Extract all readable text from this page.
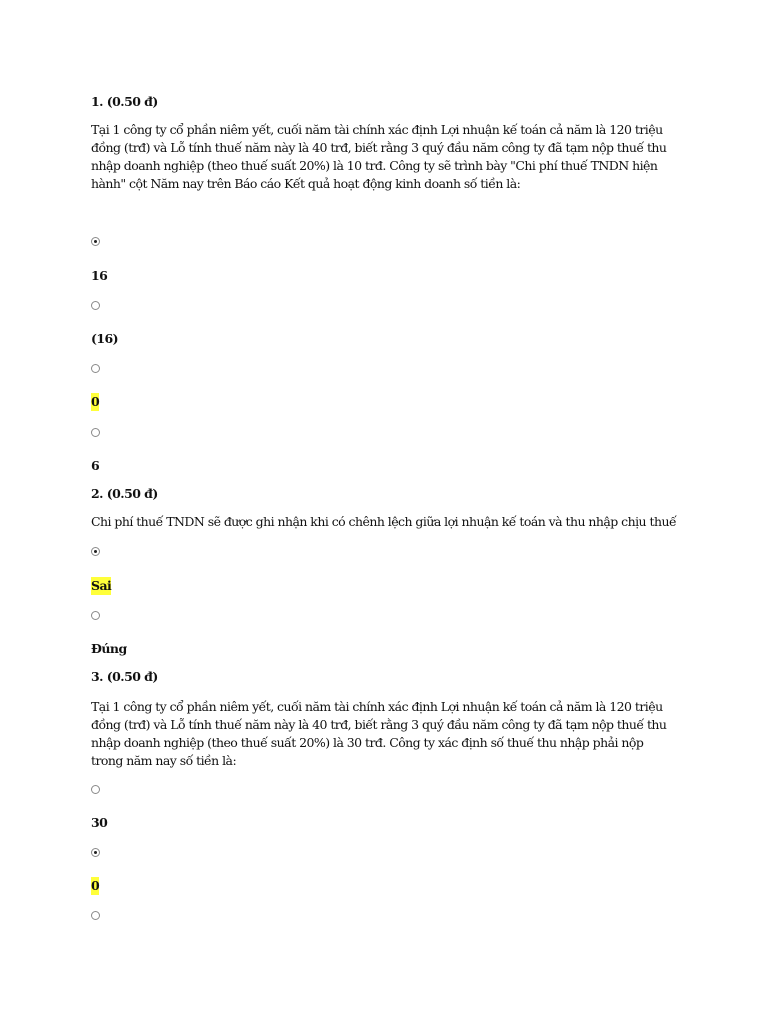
1. (0.50 đ)
Tại 1 công ty cổ phần niêm yết, cuối năm tài chính xác định Lợi nhuận kế toán cả năm là 120 triệu
đồng (trđ) và Lỗ tính thuế năm này là 40 trđ, biết rằng 3 quý đầu năm công ty đã tạm nộp thuế thu
nhập doanh nghiệp (theo thuế suất 20%) là 10 trđ. Công ty sẽ trình bày "Chi phí thuế TNDN hiện
hành" cột Năm nay trên Báo cáo Kết quả hoạt động kinh doanh số tiền là:
16
(16)
0
6
2. (0.50 đ)
Chi phí thuế TNDN sẽ được ghi nhận khi có chênh lệch giữa lợi nhuận kế toán và thu nhập chịu thuế
Sai
Đúng
3. (0.50 đ)
Tại 1 công ty cổ phần niêm yết, cuối năm tài chính xác định Lợi nhuận kế toán cả năm là 120 triệu
đồng (trđ) và Lỗ tính thuế năm này là 40 trđ, biết rằng 3 quý đầu năm công ty đã tạm nộp thuế thu
nhập doanh nghiệp (theo thuế suất 20%) là 30 trđ. Công ty xác định số thuế thu nhập phải nộp
trong năm nay số tiền là:
30
0
